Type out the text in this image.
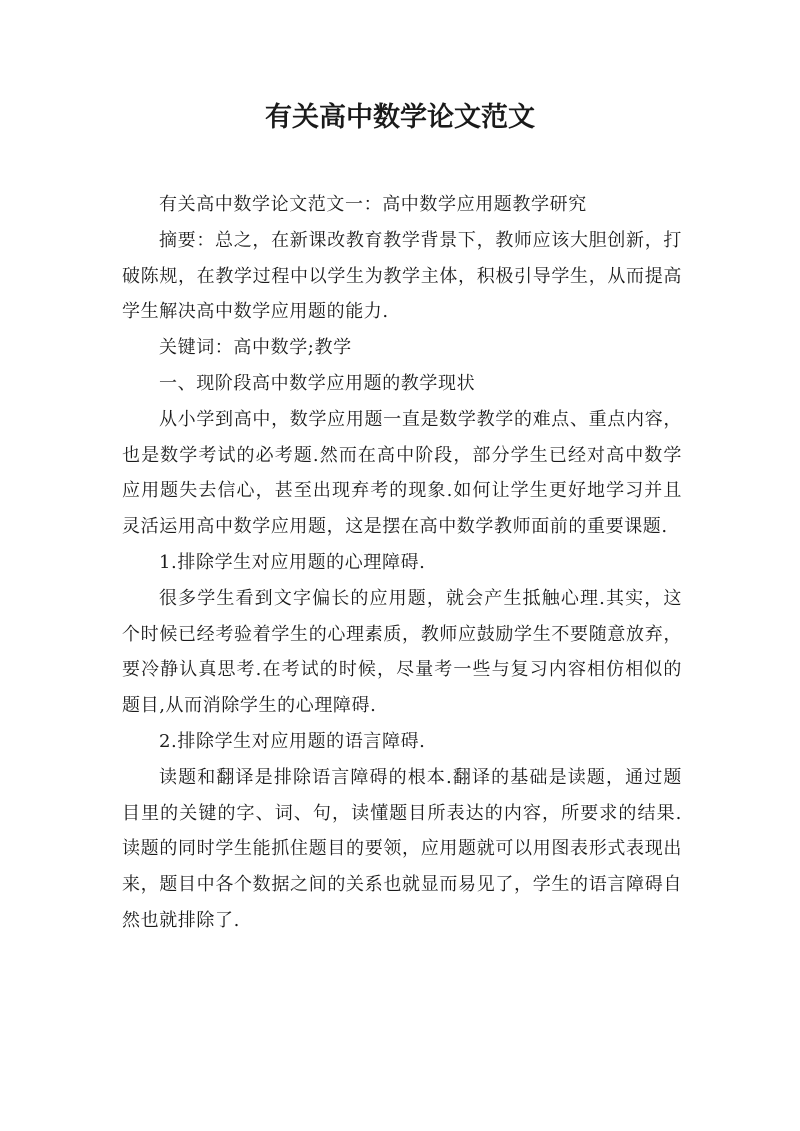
有关高中数学论文范文

有关高中数学论文范文一：高中数学应用题教学研究

摘要：总之，在新课改教育教学背景下，教师应该大胆创新，打破陈规，在教学过程中以学生为教学主体，积极引导学生，从而提高学生解决高中数学应用题的能力.

关键词：高中数学;教学

一、现阶段高中数学应用题的教学现状

从小学到高中，数学应用题一直是数学教学的难点、重点内容，也是数学考试的必考题.然而在高中阶段，部分学生已经对高中数学应用题失去信心，甚至出现弃考的现象.如何让学生更好地学习并且灵活运用高中数学应用题，这是摆在高中数学教师面前的重要课题.

1.排除学生对应用题的心理障碍.

很多学生看到文字偏长的应用题，就会产生抵触心理.其实，这个时候已经考验着学生的心理素质，教师应鼓励学生不要随意放弃，要冷静认真思考.在考试的时候，尽量考一些与复习内容相仿相似的题目,从而消除学生的心理障碍.

2.排除学生对应用题的语言障碍.

读题和翻译是排除语言障碍的根本.翻译的基础是读题，通过题目里的关键的字、词、句，读懂题目所表达的内容，所要求的结果.读题的同时学生能抓住题目的要领，应用题就可以用图表形式表现出来，题目中各个数据之间的关系也就显而易见了，学生的语言障碍自然也就排除了.
